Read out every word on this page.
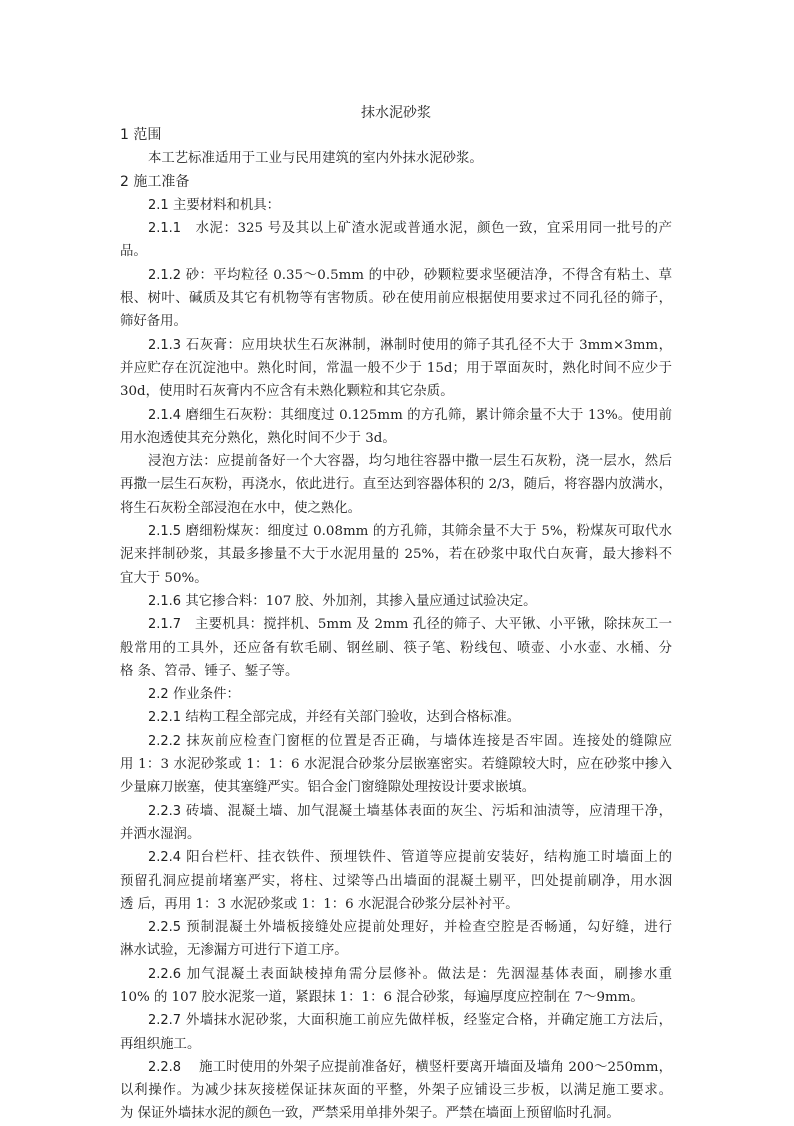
抹水泥砂浆
1 范围
本工艺标准适用于工业与民用建筑的室内外抹水泥砂浆。
2 施工准备
2.1 主要材料和机具：
2.1.1　水泥：325 号及其以上矿渣水泥或普通水泥，颜色一致，宜采用同一批号的产
品。
2.1.2 砂：平均粒径 0.35～0.5mm 的中砂，砂颗粒要求坚硬洁净，不得含有粘土、草
根、树叶、碱质及其它有机物等有害物质。砂在使用前应根据使用要求过不同孔径的筛子，
筛好备用。
2.1.3 石灰膏：应用块状生石灰淋制，淋制时使用的筛子其孔径不大于 3mm×3mm，
并应贮存在沉淀池中。熟化时间，常温一般不少于 15d；用于罩面灰时，熟化时间不应少于
30d，使用时石灰膏内不应含有未熟化颗粒和其它杂质。
2.1.4 磨细生石灰粉：其细度过 0.125mm 的方孔筛，累计筛余量不大于 13%。使用前
用水泡透使其充分熟化，熟化时间不少于 3d。
浸泡方法：应提前备好一个大容器，均匀地往容器中撒一层生石灰粉，浇一层水，然后
再撒一层生石灰粉，再浇水，依此进行。直至达到容器体积的 2/3，随后，将容器内放满水，
将生石灰粉全部浸泡在水中，使之熟化。
2.1.5 磨细粉煤灰：细度过 0.08mm 的方孔筛，其筛余量不大于 5%，粉煤灰可取代水
泥来拌制砂浆，其最多掺量不大于水泥用量的 25%，若在砂浆中取代白灰膏，最大掺料不
宜大于 50%。
2.1.6 其它掺合料：107 胶、外加剂，其掺入量应通过试验决定。
2.1.7　主要机具：搅拌机、5mm 及 2mm 孔径的筛子、大平锹、小平锹，除抹灰工一
般常用的工具外，还应备有软毛刷、钢丝刷、筷子笔、粉线包、喷壶、小水壶、水桶、分
格 条、笤帚、锤子、錾子等。
2.2 作业条件：
2.2.1 结构工程全部完成，并经有关部门验收，达到合格标准。
2.2.2 抹灰前应检查门窗框的位置是否正确，与墙体连接是否牢固。连接处的缝隙应
用 1：3 水泥砂浆或 1：1：6 水泥混合砂浆分层嵌塞密实。若缝隙较大时，应在砂浆中掺入
少量麻刀嵌塞，使其塞缝严实。铝合金门窗缝隙处理按设计要求嵌填。
2.2.3 砖墙、混凝土墙、加气混凝土墙基体表面的灰尘、污垢和油渍等，应清理干净，
并洒水湿润。
2.2.4 阳台栏杆、挂衣铁件、预埋铁件、管道等应提前安装好，结构施工时墙面上的
预留孔洞应提前堵塞严实，将柱、过梁等凸出墙面的混凝土剔平，凹处提前刷净，用水洇
透 后，再用 1：3 水泥砂浆或 1：1：6 水泥混合砂浆分层补衬平。
2.2.5 预制混凝土外墙板接缝处应提前处理好，并检查空腔是否畅通，勾好缝，进行
淋水试验，无渗漏方可进行下道工序。
2.2.6 加气混凝土表面缺棱掉角需分层修补。做法是：先洇湿基体表面，刷掺水重
10% 的 107 胶水泥浆一道，紧跟抹 1：1：6 混合砂浆，每遍厚度应控制在 7～9mm。
2.2.7 外墙抹水泥砂浆，大面积施工前应先做样板，经鉴定合格，并确定施工方法后，
再组织施工。
2.2.8　 施工时使用的外架子应提前准备好，横竖杆要离开墙面及墙角 200～250mm，
以利操作。为减少抹灰接槎保证抹灰面的平整，外架子应铺设三步板，以满足施工要求。
为 保证外墙抹水泥的颜色一致，严禁采用单排外架子。严禁在墙面上预留临时孔洞。
